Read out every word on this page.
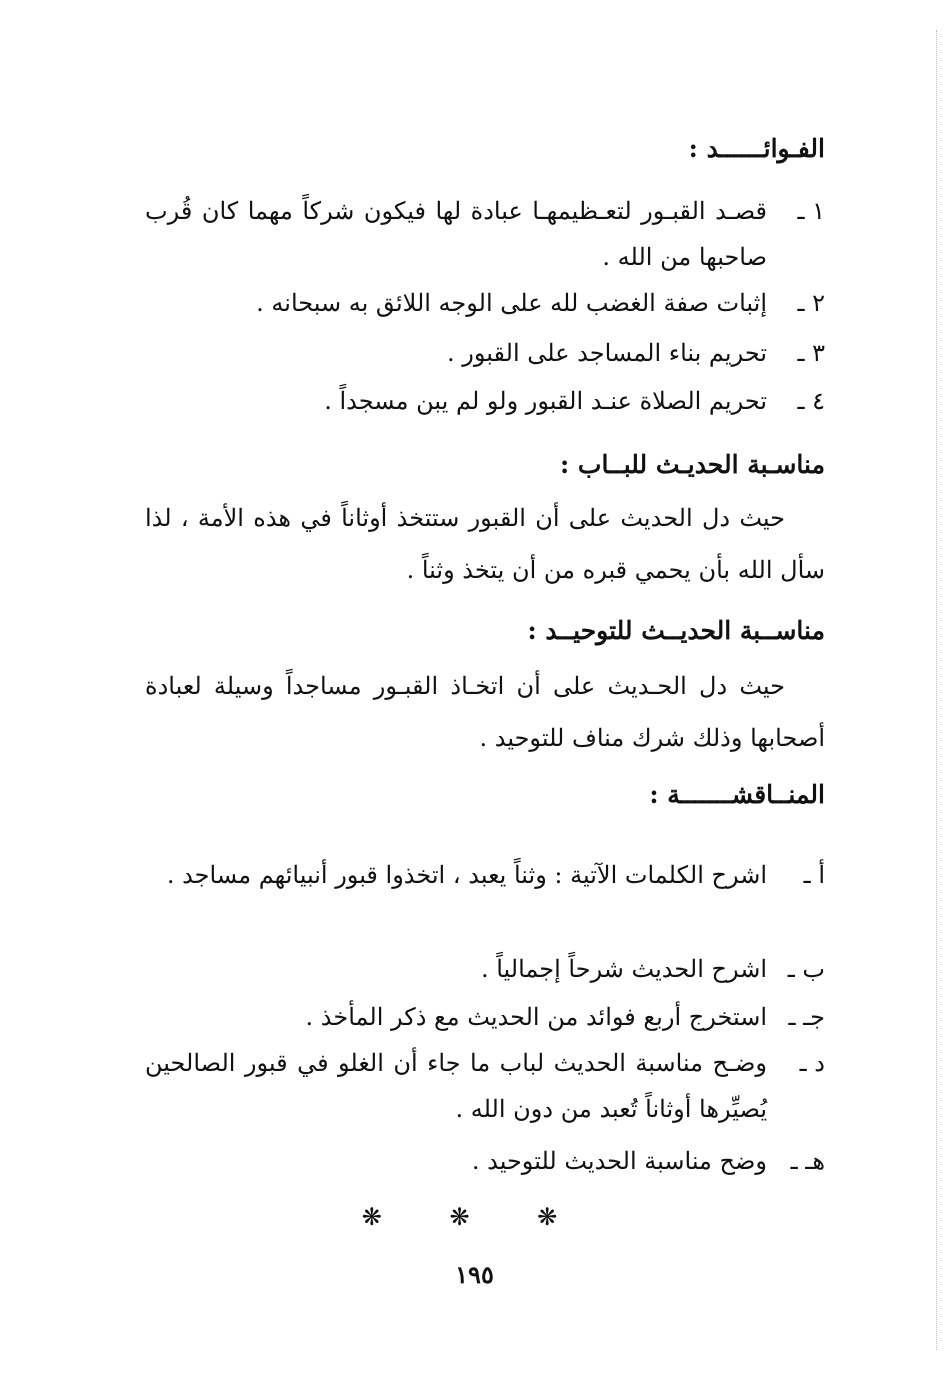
الفـوائــــــد :
١ ـ
قصـد القبـور لتعـظيمهـا عبادة لها فيكون شركاً مهما كان قُرب صاحبها من الله .
٢ ـ
إثبات صفة الغضب لله على الوجه اللائق به سبحانه .
٣ ـ
تحريم بناء المساجد على القبور .
٤ ـ
تحريم الصلاة عنـد القبور ولو لم يبن مسجداً .
مناسـبة الحديـث للبــاب :
حيث دل الحديث على أن القبور ستتخذ أوثاناً في هذه الأمة ، لذا سأل الله بأن يحمي قبره من أن يتخذ وثناً .
مناســبة الحديــث للتوحيــد :
حيث دل الحـديث على أن اتخـاذ القبـور مساجداً وسيلة لعبادة أصحابها وذلك شرك مناف للتوحيد .
المنــاقشـــــــة :
أ ـ
اشرح الكلمات الآتية : وثناً يعبد ، اتخذوا قبور أنبيائهم مساجد .
ب ـ
اشرح الحديث شرحاً إجمالياً .
جـ ـ
استخرج أربع فوائد من الحديث مع ذكر المأخذ .
د ـ
وضـح مناسبة الحديث لباب ما جاء أن الغلو في قبور الصالحين يُصيِّرها أوثاناً تُعبد من دون الله .
هـ ـ
وضح مناسبة الحديث للتوحيد .
❋ ❋ ❋
١٩٥
